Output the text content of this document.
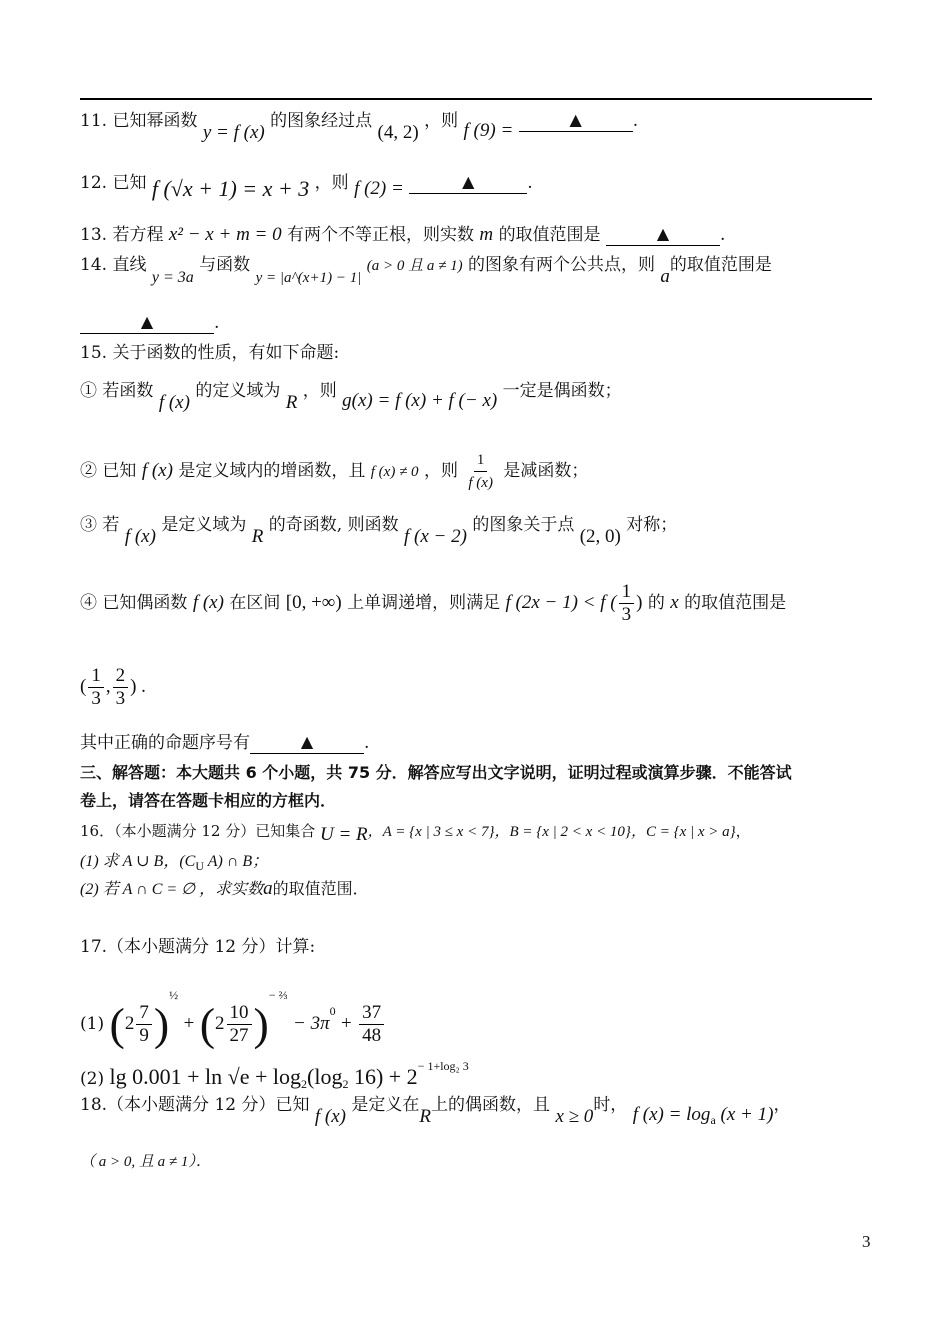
11. 已知幂函数 y = f (x) 的图象经过点 (4, 2) ，则 f (9) = ▲	.
12. 已知 f (√x + 1) = x + 3 ，则 f (2) =	▲	.
13. 若方程 x² − x + m = 0 有两个不等正根，则实数 m 的取值范围是	▲	.
14. 直线 y = 3a 与函数 y = |a^(x+1) − 1| (a > 0 且 a ≠ 1) 的图象有两个公共点，则 a的取值范围是
▲	.
15. 关于函数的性质，有如下命题:
① 若函数 f (x) 的定义域为 R ，则 g(x) = f (x) + f (− x) 一定是偶函数；
② 已知 f (x) 是定义域内的增函数，且 f (x) ≠ 0 ，则 $\frac{1}{f (x)}$ 是减函数；
③ 若 f (x) 是定义域为 R 的奇函数, 则函数 f (x − 2) 的图象关于点 (2, 0) 对称；
④ 已知偶函数 f (x) 在区间 [0, +∞) 上单调递增，则满足 f (2x − 1) < f ( $\frac{1}{3}$ ) 的 x 的取值范围是
( $\frac{1}{3}$ , $\frac{2}{3}$ ) .
其中正确的命题序号有	▲	.
三、解答题：本大题共 6 个小题，共 75 分．解答应写出文字说明，证明过程或演算步骤．不能答试
卷上，请答在答题卡相应的方框内．
16．（本小题满分 12 分）已知集合 U = R，A = {x | 3 ≤ x < 7}，B = {x | 2 < x < 10}，C = {x | x > a}，
(1) 求 A ∪ B，($C_U$ A) ∩ B；
(2) 若 A ∩ C = ∅ ，求实数a的取值范围．
17.（本小题满分 12 分）计算:
(1) $(2 \frac{7}{9} )^{\frac{1}{2}} + (2 \frac{10}{27} )^{- \frac{2}{3}} - 3\pi^0 + \frac{37}{48}$
(2) $\lg 0.001 + \ln √e + \log_2(\log_2$ $16) + 2^{- 1+log_2 3}$
18.（本小题满分 12 分）已知 f (x) 是定义在R上的偶函数，且 x ≥ 0时， f $(x) = \log_a (x + 1)$，
（ a > 0, 且 a ≠ 1）．
3
